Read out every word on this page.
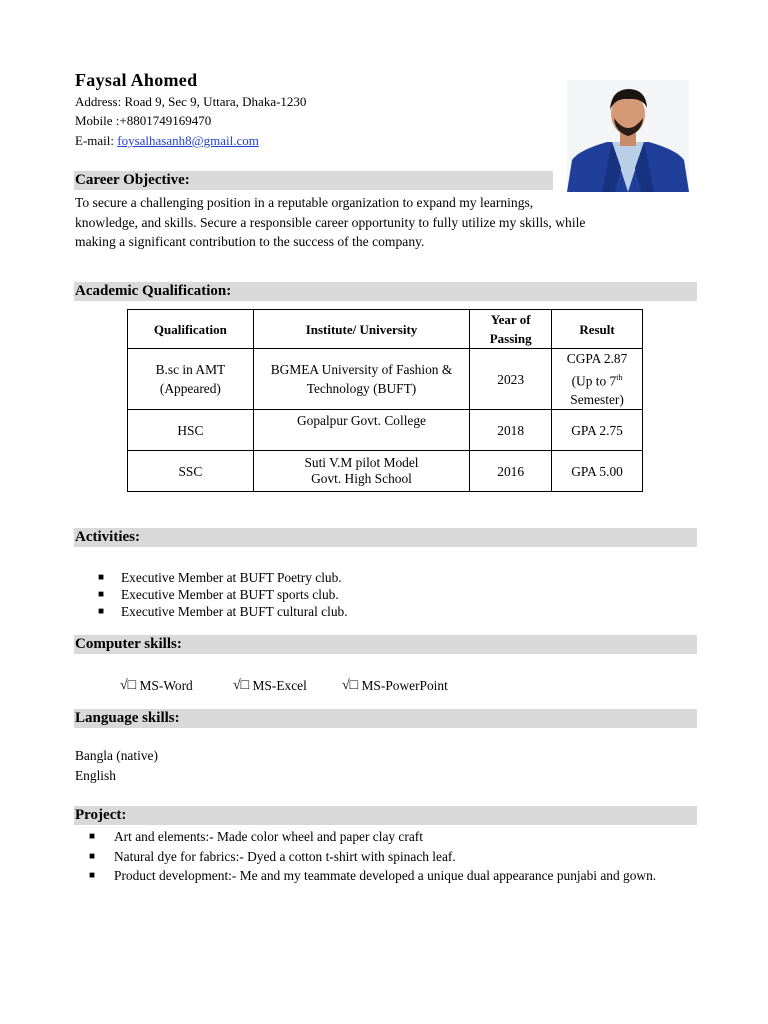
Faysal Ahomed
Address: Road 9, Sec 9, Uttara, Dhaka-1230
Mobile :+8801749169470
E-mail: foysalhasanh8@gmail.com
Career Objective:
To secure a challenging position in a reputable organization to expand my learnings,
knowledge, and skills. Secure a responsible career opportunity to fully utilize my skills, while
making a significant contribution to the success of the company.
Academic Qualification:
Qualification	Institute/ University	Year of Passing	Result
B.sc in AMT (Appeared)	BGMEA University of Fashion & Technology (BUFT)	2023	CGPA 2.87 (Up to 7th Semester)
HSC	Gopalpur Govt. College	2018	GPA 2.75
SSC	Suti V.M pilot Model Govt. High School	2016	GPA 5.00
Activities:
■	Executive Member at BUFT Poetry club.
■	Executive Member at BUFT sports club.
■	Executive Member at BUFT cultural club.
Computer skills:
√□
MS-Word	√□
MS-Excel	√□
MS-PowerPoint
Language skills:
Bangla (native)
English
Project:
■	Art and elements:- Made color wheel and paper clay craft
■	Natural dye for fabrics:- Dyed a cotton t-shirt with spinach leaf.
■	Product development:- Me and my teammate developed a unique dual appearance punjabi and gown.
